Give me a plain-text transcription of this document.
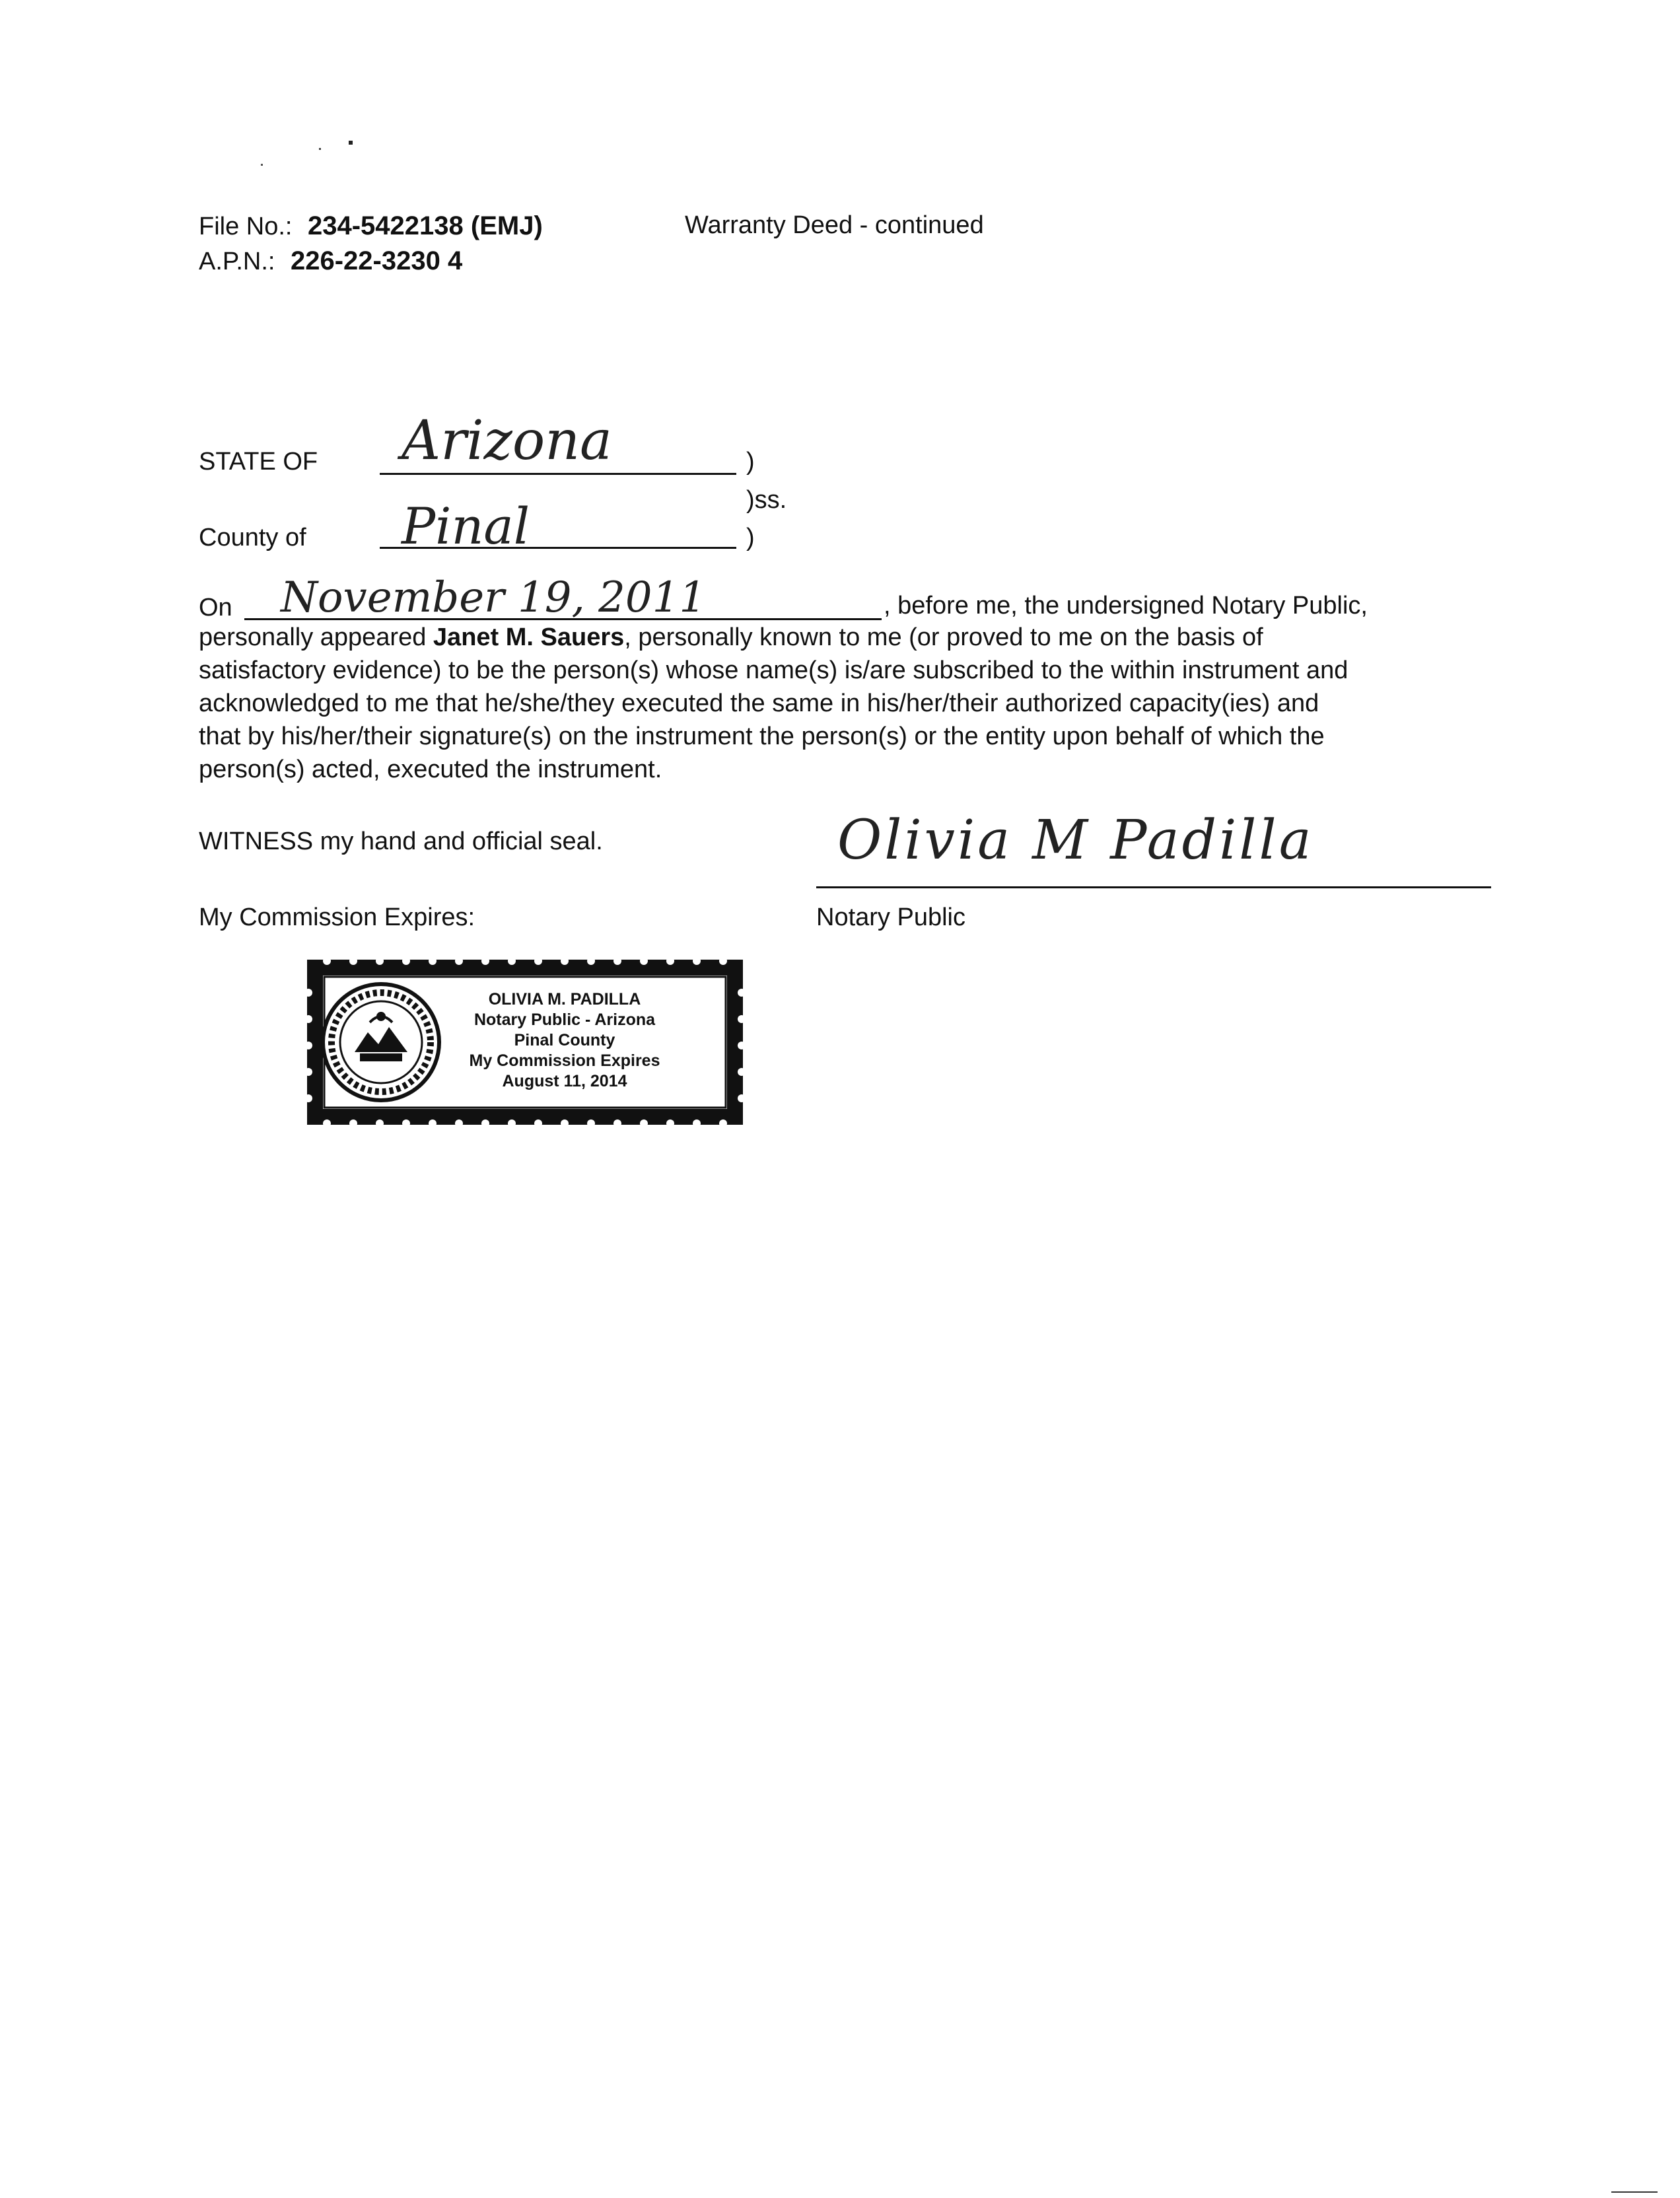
File No.: 234-5422138 (EMJ)
A.P.N.: 226-22-3230 4
Warranty Deed - continued
STATE OF Arizona	)
)ss.
County of Pinal	)
On November 19, 2011	, before me, the undersigned Notary Public,
personally appeared Janet M. Sauers, personally known to me (or proved to me on the basis of
satisfactory evidence) to be the person(s) whose name(s) is/are subscribed to the within instrument and
acknowledged to me that he/she/they executed the same in his/her/their authorized capacity(ies) and
that by his/her/their signature(s) on the instrument the person(s) or the entity upon behalf of which the
person(s) acted, executed the instrument.
WITNESS my hand and official seal.	Olivia M Padilla
Notary Public
My Commission Expires:
OLIVIA M. PADILLA
Notary Public - Arizona
Pinal County
My Commission Expires
August 11, 2014
